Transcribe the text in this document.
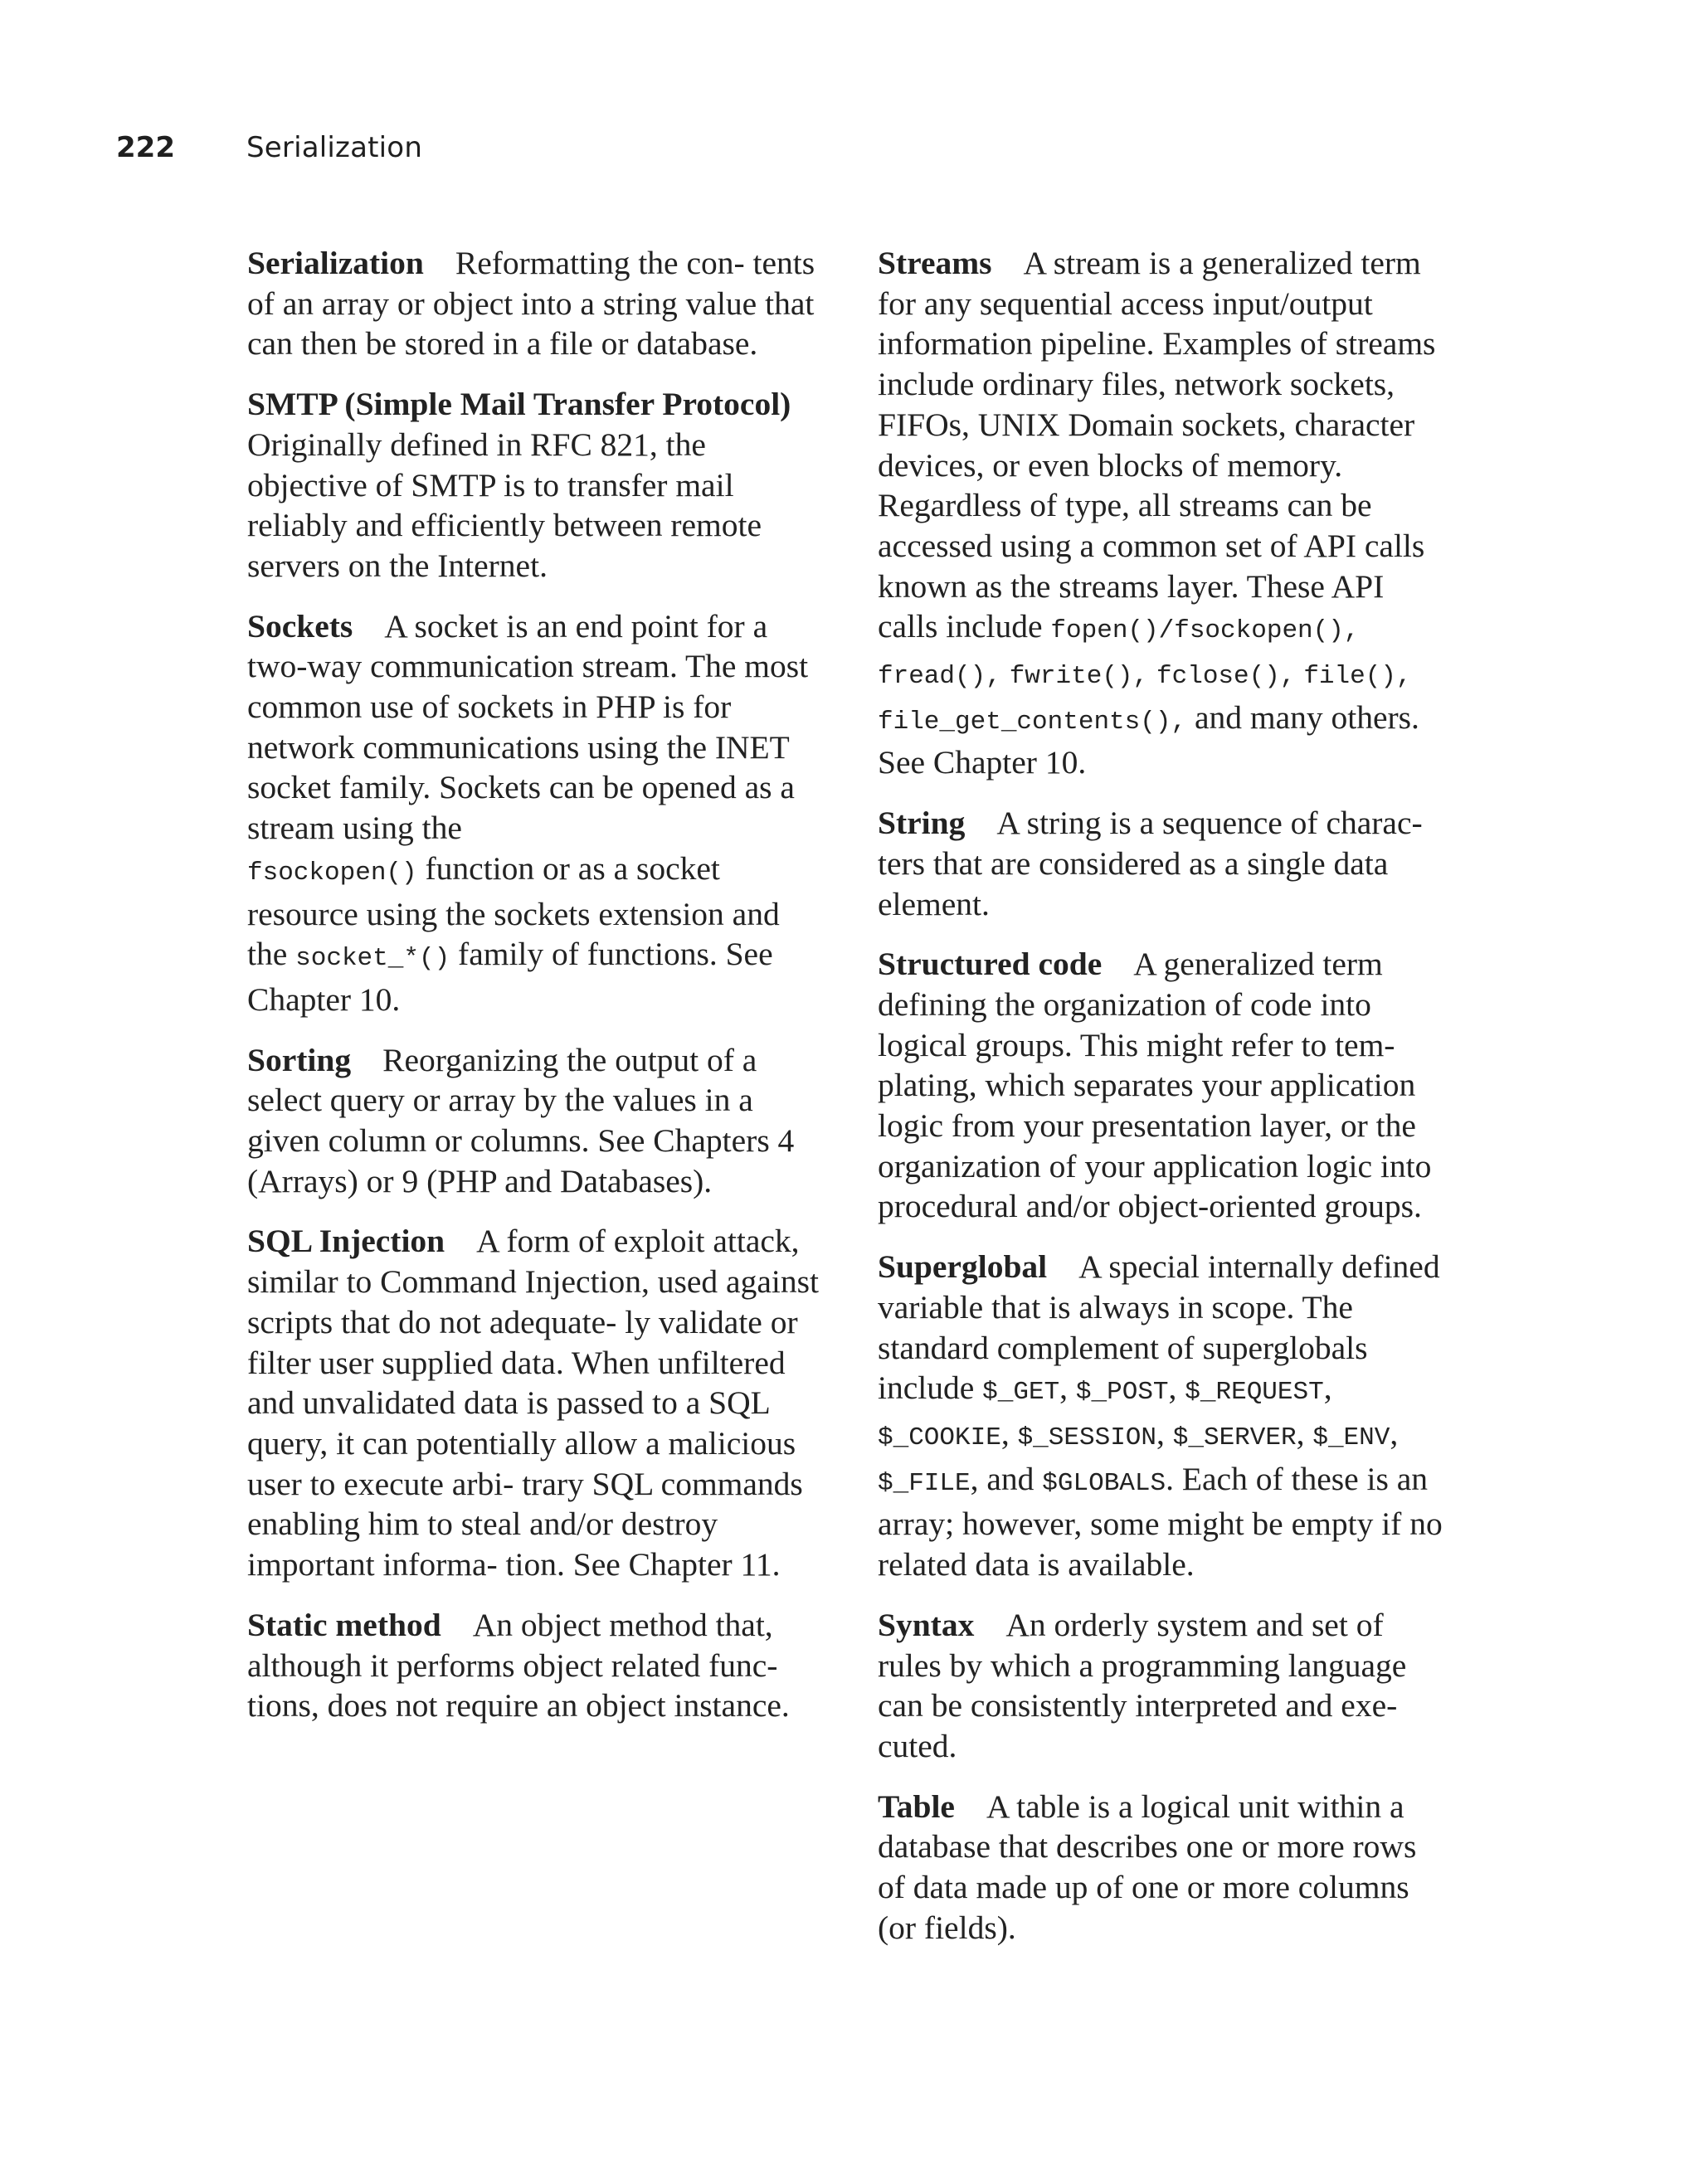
222	Serialization

Serialization Reformatting the con- tents of an array or object into a string value that can then be stored in a file or database.

SMTP (Simple Mail Transfer Protocol)
Originally defined in RFC 821, the objective of SMTP is to transfer mail reliably and efficiently between remote servers on the Internet.

Sockets A socket is an end point for a two-way communication stream. The most common use of sockets in PHP is for network communications using the INET socket family. Sockets can be opened as a stream using the
fsockopen() function or as a socket resource using the sockets extension and the socket_*() family of functions. See Chapter 10.

Sorting Reorganizing the output of a select query or array by the values in a given column or columns. See Chapters 4 (Arrays) or 9 (PHP and Databases).

SQL Injection A form of exploit attack, similar to Command Injection, used against scripts that do not adequate- ly validate or filter user supplied data. When unfiltered and unvalidated data is passed to a SQL query, it can potentially allow a malicious user to execute arbi- trary SQL commands enabling him to steal and/or destroy important informa- tion. See Chapter 11.

Static method An object method that, although it performs object related func- tions, does not require an object instance.

Streams A stream is a generalized term for any sequential access input/output information pipeline. Examples of streams include ordinary files, network sockets, FIFOs, UNIX Domain sockets, character devices, or even blocks of memory. Regardless of type, all streams can be accessed using a common set of API calls known as the streams layer. These API calls include fopen()/fsockopen(), fread(), fwrite(), fclose(), file(), file_get_contents(), and many others. See Chapter 10.

String A string is a sequence of charac- ters that are considered as a single data element.

Structured code A generalized term defining the organization of code into logical groups. This might refer to tem- plating, which separates your application logic from your presentation layer, or the organization of your application logic into procedural and/or object-oriented groups.

Superglobal A special internally defined variable that is always in scope. The standard complement of superglobals include $_GET, $_POST, $_REQUEST, $_COOKIE, $_SESSION, $_SERVER, $_ENV, $_FILE, and $GLOBALS. Each of these is an array; however, some might be empty if no related data is available.

Syntax An orderly system and set of rules by which a programming language can be consistently interpreted and exe- cuted.

Table A table is a logical unit within a database that describes one or more rows of data made up of one or more columns (or fields).
